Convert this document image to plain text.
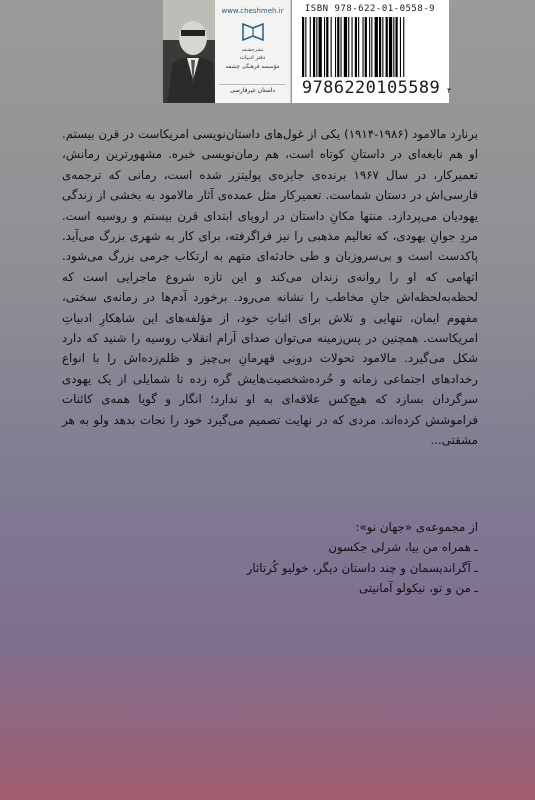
www.cheshmeh.ir
نشرچشمه
دفتر ادبیات
مؤسسه فرهنگی چشمه
داستان غیرفارسی
ISBN 978-622-01-0558-9
9786220105589 ۴

برنارد مالامود (۱۹۸۶-۱۹۱۴) یکی از غول‌های داستان‌نویسی امریکاست در قرن بیستم. او هم نابغه‌ای در داستانِ کوتاه است، هم رمان‌نویسی خبره. مشهورترین رمانش، تعمیرکار، در سال ۱۹۶۷ برنده‌ی جایزه‌ی پولیتزر شده است، رمانی که ترجمه‌ی فارسی‌اش در دستان شماست. تعمیرکار مثل عمده‌ی آثار مالامود به بخشی از زندگی یهودیان می‌پردازد. منتها مکانِ داستان در اروپای ابتدای قرن بیستم و روسیه است. مردِ جوانِ یهودی، که تعالیم مذهبی را نیز فراگرفته، برای کار به شهری بزرگ می‌آید. پاکدست است و بی‌سروزبان و طی حادثه‌ای متهم به ارتکاب جرمی بزرگ می‌شود. اتهامی که او را روانه‌ی زندان می‌کند و این تازه شروع ماجرایی است که لحظه‌به‌لحظه‌اش جانِ مخاطب را نشانه می‌رود. برخورد آدم‌ها در زمانه‌ی سختی، مفهوم ایمان، تنهایی و تلاش برای اثباتِ خود، از مؤلفه‌های این شاهکارِ ادبیاتِ امریکاست. همچنین در پس‌زمینه می‌توان صدای آرام انقلاب روسیه را شنید که دارد شکل می‌گیرد. مالامود تحولات درونی قهرمانِ بی‌چیز و ظلم‌زده‌اش را با انواع رخدادهای اجتماعی زمانه و خُرده‌شخصیت‌هایش گره زده تا شمایلی از یک یهودی سرگردان بسازد که هیچ‌کس علاقه‌ای به او ندارد؛ انگار و گویا همه‌ی کائنات فراموشش کرده‌اند. مردی که در نهایت تصمیم می‌گیرد خود را نجات بدهد ولو به هر مشقتی...

از مجموعه‌ی «جهان نو»:
ـ همراه من بیا، شرلی جکسون
ـ آگراندیسمان و چند داستان دیگر، خولیو کُرتاثار
ـ من و تو، نیکولو آمانیتی
